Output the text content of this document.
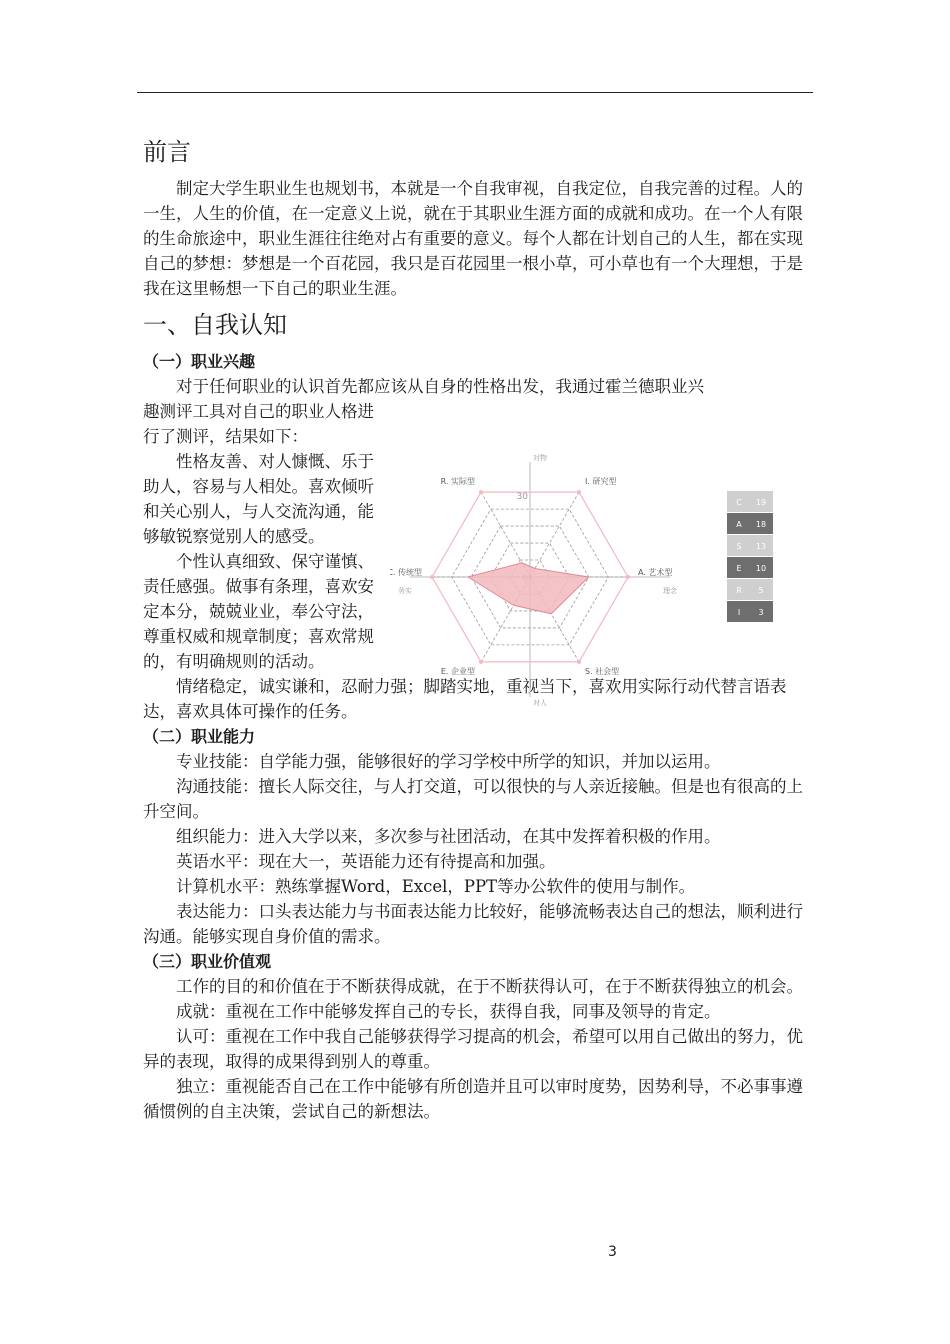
前言

制定大学生职业生也规划书，本就是一个自我审视，自我定位，自我完善的过程。人的一生，人生的价值，在一定意义上说，就在于其职业生涯方面的成就和成功。在一个人有限的生命旅途中，职业生涯往往绝对占有重要的意义。每个人都在计划自己的人生，都在实现自己的梦想：梦想是一个百花园，我只是百花园里一根小草，可小草也有一个大理想，于是我在这里畅想一下自己的职业生涯。

一、自我认知
（一）职业兴趣

对于任何职业的认识首先都应该从自身的性格出发，我通过霍兰德职业兴

趣测评工具对自己的职业人格进行了测评，结果如下：

性格友善、对人慷慨、乐于助人，容易与人相处。喜欢倾听和关心别人，与人交流沟通，能够敏锐察觉别人的感受。

个性认真细致、保守谨慎、责任感强。做事有条理，喜欢安定本分，兢兢业业，奉公守法，尊重权威和规章制度；喜欢常规的，有明确规则的活动。

情绪稳定，诚实谦和，忍耐力强；脚踏实地，重视当下，喜欢用实际行动代替言语表达，喜欢具体可操作的任务。

（二）职业能力

专业技能：自学能力强，能够很好的学习学校中所学的知识，并加以运用。

沟通技能：擅长人际交往，与人打交道，可以很快的与人亲近接触。但是也有很高的上升空间。

组织能力：进入大学以来，多次参与社团活动，在其中发挥着积极的作用。

英语水平：现在大一，英语能力还有待提高和加强。

计算机水平：熟练掌握Word，Excel，PPT等办公软件的使用与制作。

表达能力：口头表达能力与书面表达能力比较好，能够流畅表达自己的想法，顺利进行沟通。能够实现自身价值的需求。

（三）职业价值观

工作的目的和价值在于不断获得成就，在于不断获得认可，在于不断获得独立的机会。

成就：重视在工作中能够发挥自己的专长，获得自我，同事及领导的肯定。

认可：重视在工作中我自己能够获得学习提高的机会，希望可以用自己做出的努力，优异的表现，取得的成果得到别人的尊重。

独立：重视能否自己在工作中能够有所创造并且可以审时度势，因势利导，不必事事遵循惯例的自主决策，尝试自己的新想法。

对物
对人
务实	理念
R. 实际型	I. 研究型
A. 艺术型
S. 社会型
E. 企业型
C. 传统型
30
C 19
A 18
S 13
E 10
R 5
I 3
3
